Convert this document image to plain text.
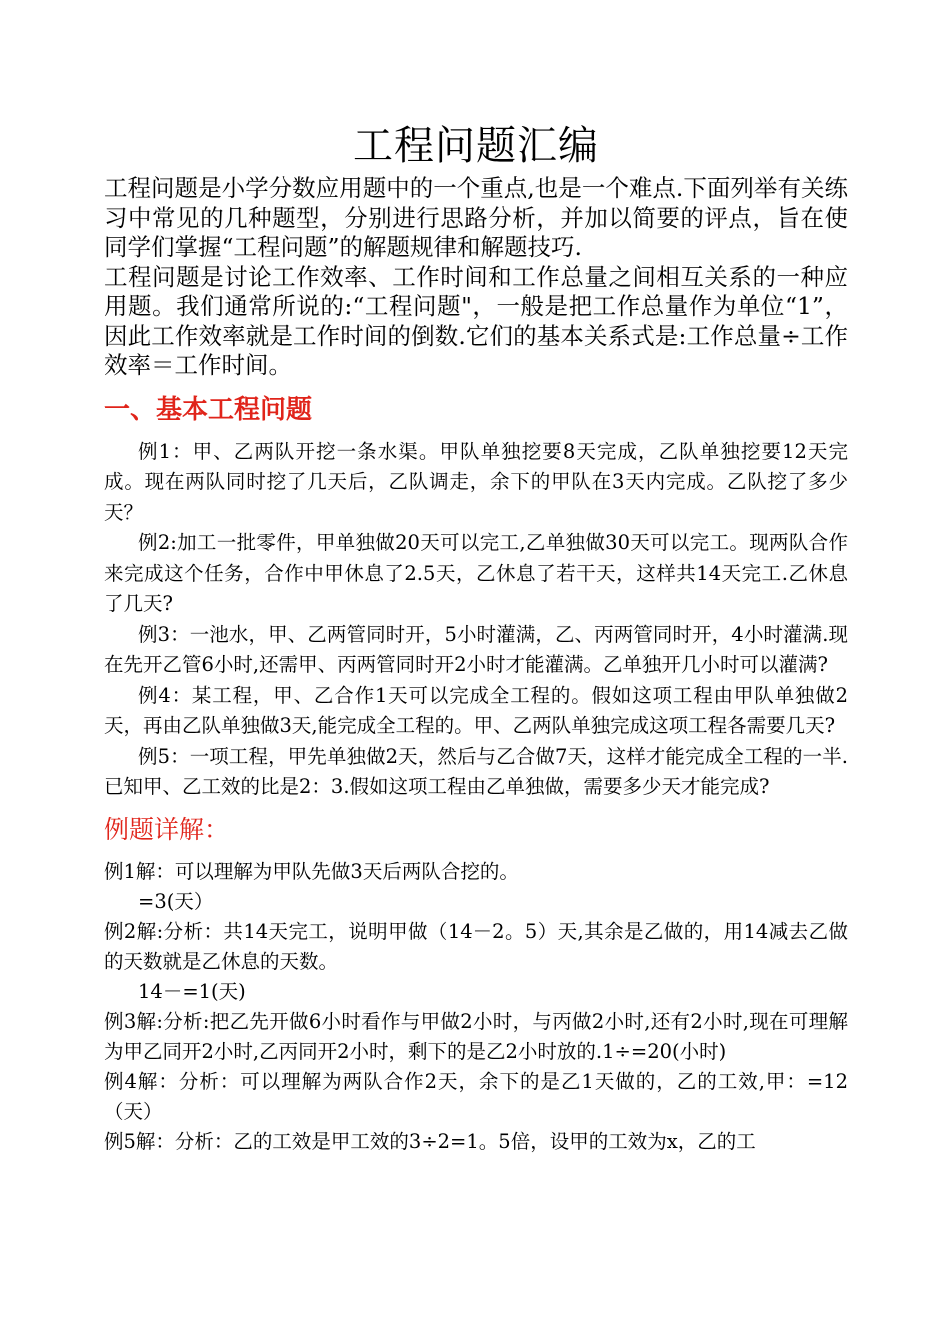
工程问题汇编

工程问题是小学分数应用题中的一个重点,也是一个难点.下面列举有关练习中常见的几种题型，分别进行思路分析，并加以简要的评点，旨在使同学们掌握“工程问题”的解题规律和解题技巧.

工程问题是讨论工作效率、工作时间和工作总量之间相互关系的一种应用题。我们通常所说的:“工程问题"，一般是把工作总量作为单位“1”，因此工作效率就是工作时间的倒数.它们的基本关系式是:工作总量÷工作效率＝工作时间。

一、基本工程问题

例1：甲、乙两队开挖一条水渠。甲队单独挖要8天完成，乙队单独挖要12天完成。现在两队同时挖了几天后，乙队调走，余下的甲队在3天内完成。乙队挖了多少天？

例2:加工一批零件，甲单独做20天可以完工,乙单独做30天可以完工。现两队合作来完成这个任务，合作中甲休息了2.5天，乙休息了若干天，这样共14天完工.乙休息了几天?

例3：一池水，甲、乙两管同时开，5小时灌满，乙、丙两管同时开，4小时灌满.现在先开乙管6小时,还需甲、丙两管同时开2小时才能灌满。乙单独开几小时可以灌满?

例4：某工程，甲、乙合作1天可以完成全工程的。假如这项工程由甲队单独做2天，再由乙队单独做3天,能完成全工程的。甲、乙两队单独完成这项工程各需要几天?

例5：一项工程，甲先单独做2天，然后与乙合做7天，这样才能完成全工程的一半.已知甲、乙工效的比是2：3.假如这项工程由乙单独做，需要多少天才能完成?

例题详解：

例1解：可以理解为甲队先做3天后两队合挖的。

=3(天）

例2解:分析：共14天完工，说明甲做（14－2。5）天,其余是乙做的，用14减去乙做的天数就是乙休息的天数。

14－=1(天)

例3解:分析:把乙先开做6小时看作与甲做2小时，与丙做2小时,还有2小时,现在可理解为甲乙同开2小时,乙丙同开2小时，剩下的是乙2小时放的.1÷=20(小时)

例4解：分析：可以理解为两队合作2天，余下的是乙1天做的，乙的工效,甲：=12（天）

例5解：分析：乙的工效是甲工效的3÷2=1。5倍，设甲的工效为x，乙的工
